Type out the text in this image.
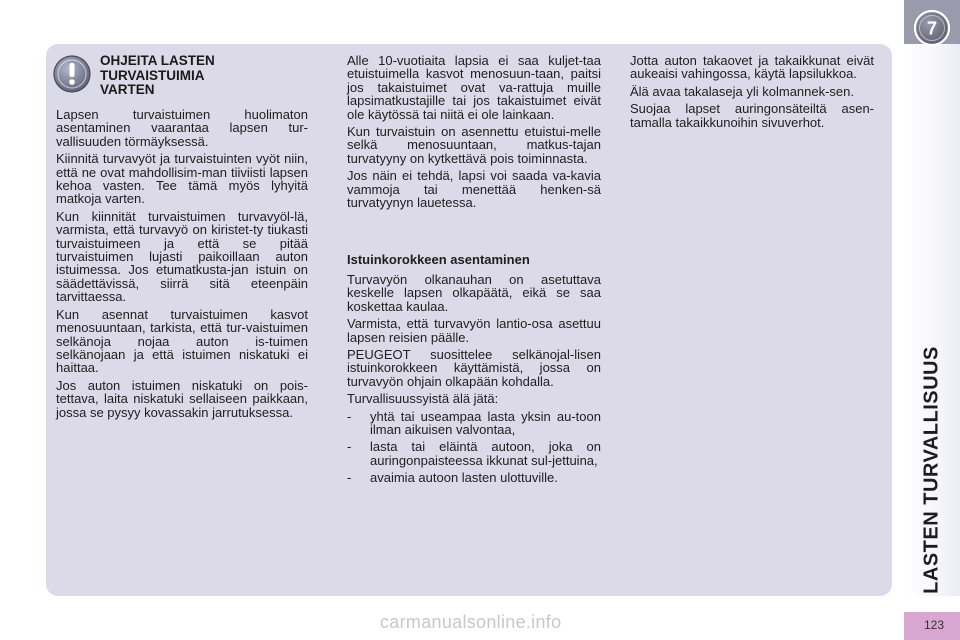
OHJEITA LASTEN
TURVAISTUIMIA
VARTEN

Lapsen turvaistuimen huolimaton asentaminen vaarantaa lapsen tur-vallisuuden törmäyksessä.

Kiinnitä turvavyöt ja turvaistuinten vyöt niin, että ne ovat mahdollisim-man tiiviisti lapsen kehoa vasten. Tee tämä myös lyhyitä matkoja varten.

Kun kiinnität turvaistuimen turvavyöl-lä, varmista, että turvavyö on kiristet-ty tiukasti turvaistuimeen ja että se pitää turvaistuimen lujasti paikoillaan auton istuimessa. Jos etumatkusta-jan istuin on säädettävissä, siirrä sitä eteenpäin tarvittaessa.

Kun asennat turvaistuimen kasvot menosuuntaan, tarkista, että tur-vaistuimen selkänoja nojaa auton is-tuimen selkänojaan ja että istuimen niskatuki ei haittaa.

Jos auton istuimen niskatuki on pois-tettava, laita niskatuki sellaiseen paikkaan, jossa se pysyy kovassakin jarrutuksessa.

Alle 10-vuotiaita lapsia ei saa kuljet-taa etuistuimella kasvot menosuun-taan, paitsi jos takaistuimet ovat va-rattuja muille lapsimatkustajille tai jos takaistuimet eivät ole käytössä tai niitä ei ole lainkaan.

Kun turvaistuin on asennettu etuistui-melle selkä menosuuntaan, matkus-tajan turvatyyny on kytkettävä pois toiminnasta.

Jos näin ei tehdä, lapsi voi saada va-kavia vammoja tai menettää henken-sä turvatyynyn lauetessa.

Istuinkorokkeen asentaminen

Turvavyön olkanauhan on asetuttava keskelle lapsen olkapäätä, eikä se saa koskettaa kaulaa.

Varmista, että turvavyön lantio-osa asettuu lapsen reisien päälle.

PEUGEOT suosittelee selkänojal-lisen istuinkorokkeen käyttämistä, jossa on turvavyön ohjain olkapään kohdalla.

Turvallisuussyistä älä jätä:

- yhtä tai useampaa lasta yksin au-toon ilman aikuisen valvontaa,
- lasta tai eläintä autoon, joka on auringonpaisteessa ikkunat sul-jettuina,
- avaimia autoon lasten ulottuville.

Jotta auton takaovet ja takaikkunat eivät aukeaisi vahingossa, käytä lapsilukkoa.

Älä avaa takalaseja yli kolmannek-sen.

Suojaa lapset auringonsäteiltä asen-tamalla takaikkunoihin sivuverhot.

7
LASTEN TURVALLISUUS
123
carmanualsonline.info
